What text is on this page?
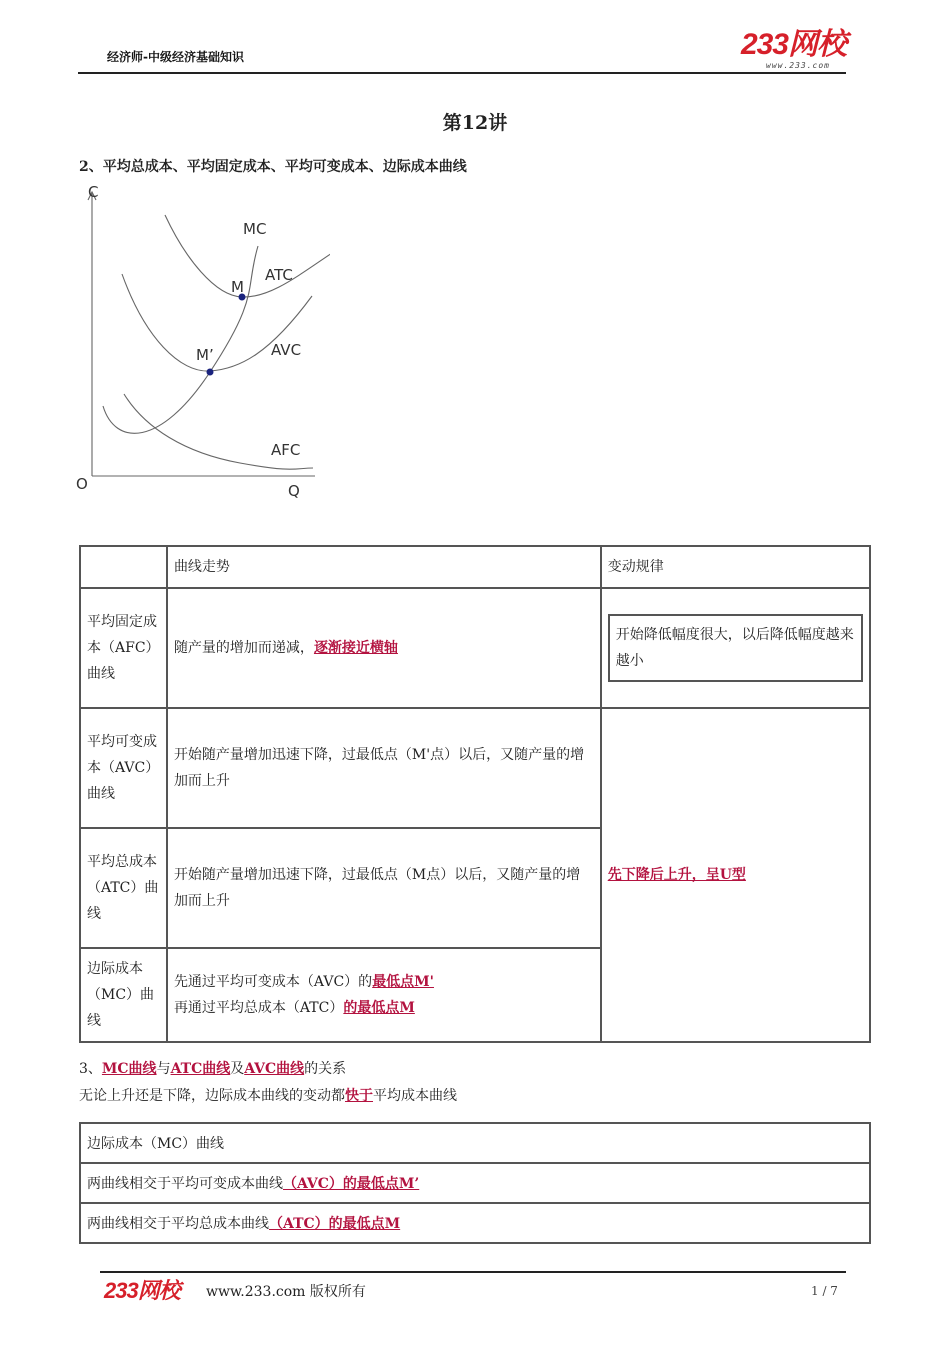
经济师-中级经济基础知识	233网校
www.233.com
第12讲
2、平均总成本、平均固定成本、平均可变成本、边际成本曲线
C
Q
O
MC
ATC
AVC
AFC
M
M’
	曲线走势	变动规律
平均固定成本（AFC）曲线	随产量的增加而递减，逐渐接近横轴	开始降低幅度很大，以后降低幅度越来越小

平均可变成本（AVC）曲线	开始随产量增加迅速下降，过最低点（M'点）以后，又随产量的增加而上升	先下降后上升，呈U型
平均总成本（ATC）曲线	开始随产量增加迅速下降，过最低点（M点）以后，又随产量的增加而上升	
边际成本（MC）曲线	先通过平均可变成本（AVC）的最低点M'
再通过平均总成本（ATC）的最低点M	
3、MC曲线与ATC曲线及AVC曲线的关系
无论上升还是下降，边际成本曲线的变动都快于平均成本曲线
边际成本（MC）曲线
两曲线相交于平均可变成本曲线（AVC）的最低点M’
两曲线相交于平均总成本曲线（ATC）的最低点M
233网校 www.233.com 版权所有	1 / 7
